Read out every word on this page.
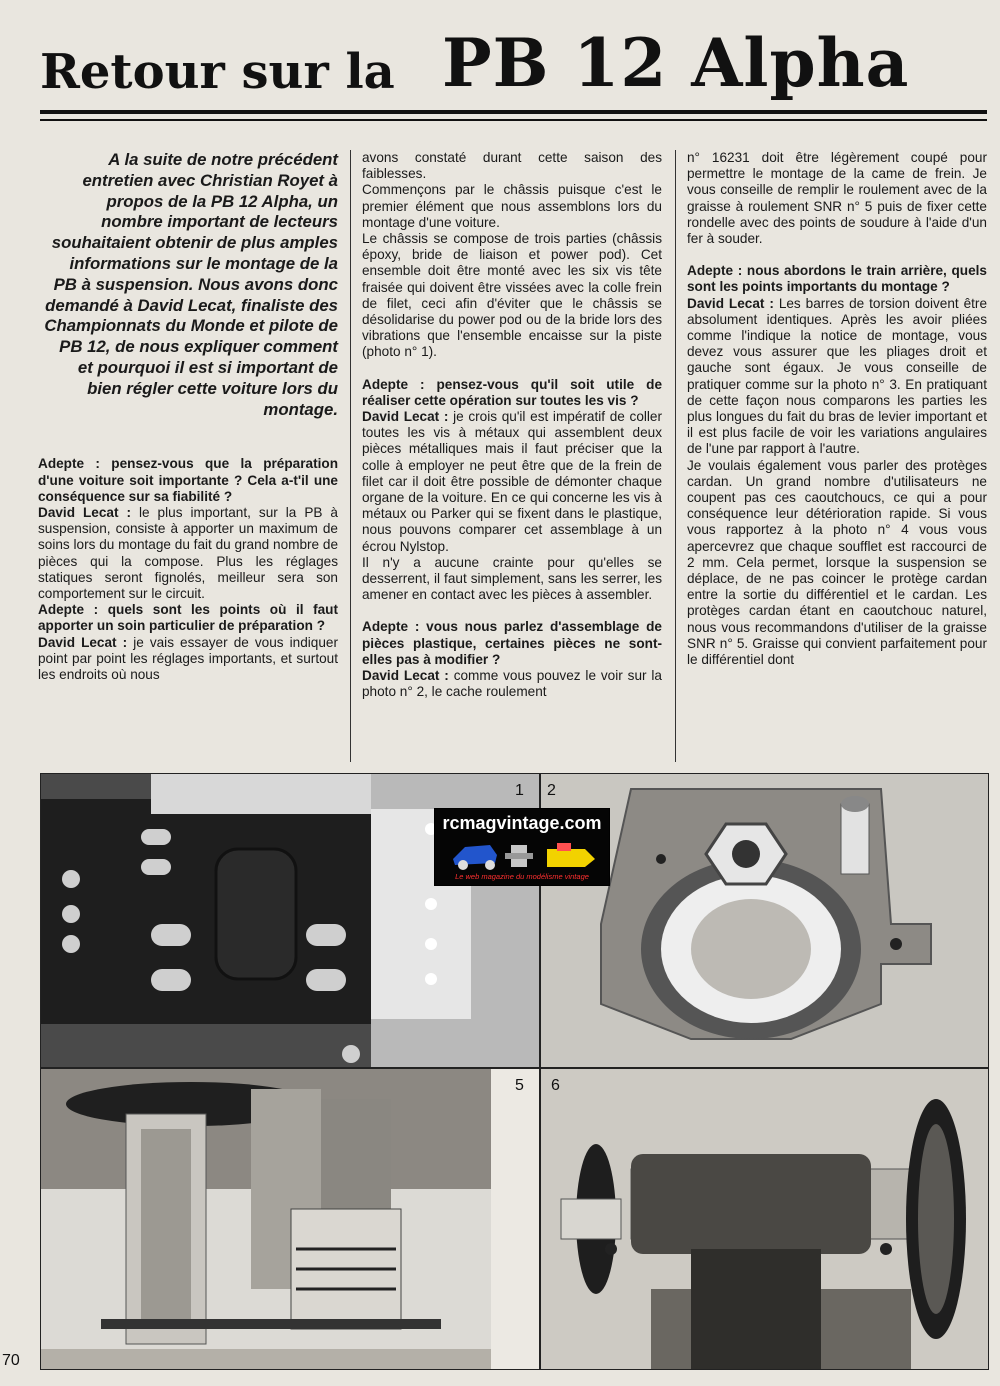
Retour sur la PB 12 Alpha

A la suite de notre précédent entretien avec Christian Royet à propos de la PB 12 Alpha, un nombre important de lecteurs souhaitaient obtenir de plus amples informations sur le montage de la PB à suspension. Nous avons donc demandé à David Lecat, finaliste des Championnats du Monde et pilote de PB 12, de nous expliquer comment et pourquoi il est si important de bien régler cette voiture lors du montage.

Adepte : pensez-vous que la préparation d'une voiture soit importante ? Cela a-t'il une conséquence sur sa fiabilité ?

David Lecat : le plus important, sur la PB à suspension, consiste à apporter un maximum de soins lors du montage du fait du grand nombre de pièces qui la compose. Plus les réglages statiques seront fignolés, meilleur sera son comportement sur le circuit.

Adepte : quels sont les points où il faut apporter un soin particulier de préparation ?

David Lecat : je vais essayer de vous indiquer point par point les réglages importants, et surtout les endroits où nous

avons constaté durant cette saison des faiblesses.

Commençons par le châssis puisque c'est le premier élément que nous assemblons lors du montage d'une voiture.

Le châssis se compose de trois parties (châssis époxy, bride de liaison et power pod). Cet ensemble doit être monté avec les six vis tête fraisée qui doivent être vissées avec la colle frein de filet, ceci afin d'éviter que le châssis se désolidarise du power pod ou de la bride lors des vibrations que l'ensemble encaisse sur la piste (photo n° 1).

Adepte : pensez-vous qu'il soit utile de réaliser cette opération sur toutes les vis ?

David Lecat : je crois qu'il est impératif de coller toutes les vis à métaux qui assemblent deux pièces métalliques mais il faut préciser que la colle à employer ne peut être que de la frein de filet car il doit être possible de démonter chaque organe de la voiture. En ce qui concerne les vis à métaux ou Parker qui se fixent dans le plastique, nous pouvons comparer cet assemblage à un écrou Nylstop.

Il n'y a aucune crainte pour qu'elles se desserrent, il faut simplement, sans les serrer, les amener en contact avec les pièces à assembler.

Adepte : vous nous parlez d'assemblage de pièces plastique, certaines pièces ne sont-elles pas à modifier ?

David Lecat : comme vous pouvez le voir sur la photo n° 2, le cache roulement

n° 16231 doit être légèrement coupé pour permettre le montage de la came de frein. Je vous conseille de remplir le roulement avec de la graisse à roulement SNR n° 5 puis de fixer cette rondelle avec des points de soudure à l'aide d'un fer à souder.

Adepte : nous abordons le train arrière, quels sont les points importants du montage ?

David Lecat : Les barres de torsion doivent être absolument identiques. Après les avoir pliées comme l'indique la notice de montage, vous devez vous assurer que les pliages droit et gauche sont égaux. Je vous conseille de pratiquer comme sur la photo n° 3. En pratiquant de cette façon nous comparons les parties les plus longues du fait du bras de levier important et il est plus facile de voir les variations angulaires de l'une par rapport à l'autre.

Je voulais également vous parler des protèges cardan. Un grand nombre d'utilisateurs ne coupent pas ces caoutchoucs, ce qui a pour conséquence leur détérioration rapide. Si vous vous rapportez à la photo n° 4 vous vous apercevrez que chaque soufflet est raccourci de 2 mm. Cela permet, lorsque la suspension se déplace, de ne pas coincer le protège cardan entre la sortie du différentiel et le cardan. Les protèges cardan étant en caoutchouc naturel, nous vous recommandons d'utiliser de la graisse SNR n° 5. Graisse qui convient parfaitement pour le différentiel dont

1 2
5 6
rcmagvintage.com
Le web magazine du modélisme vintage
70
